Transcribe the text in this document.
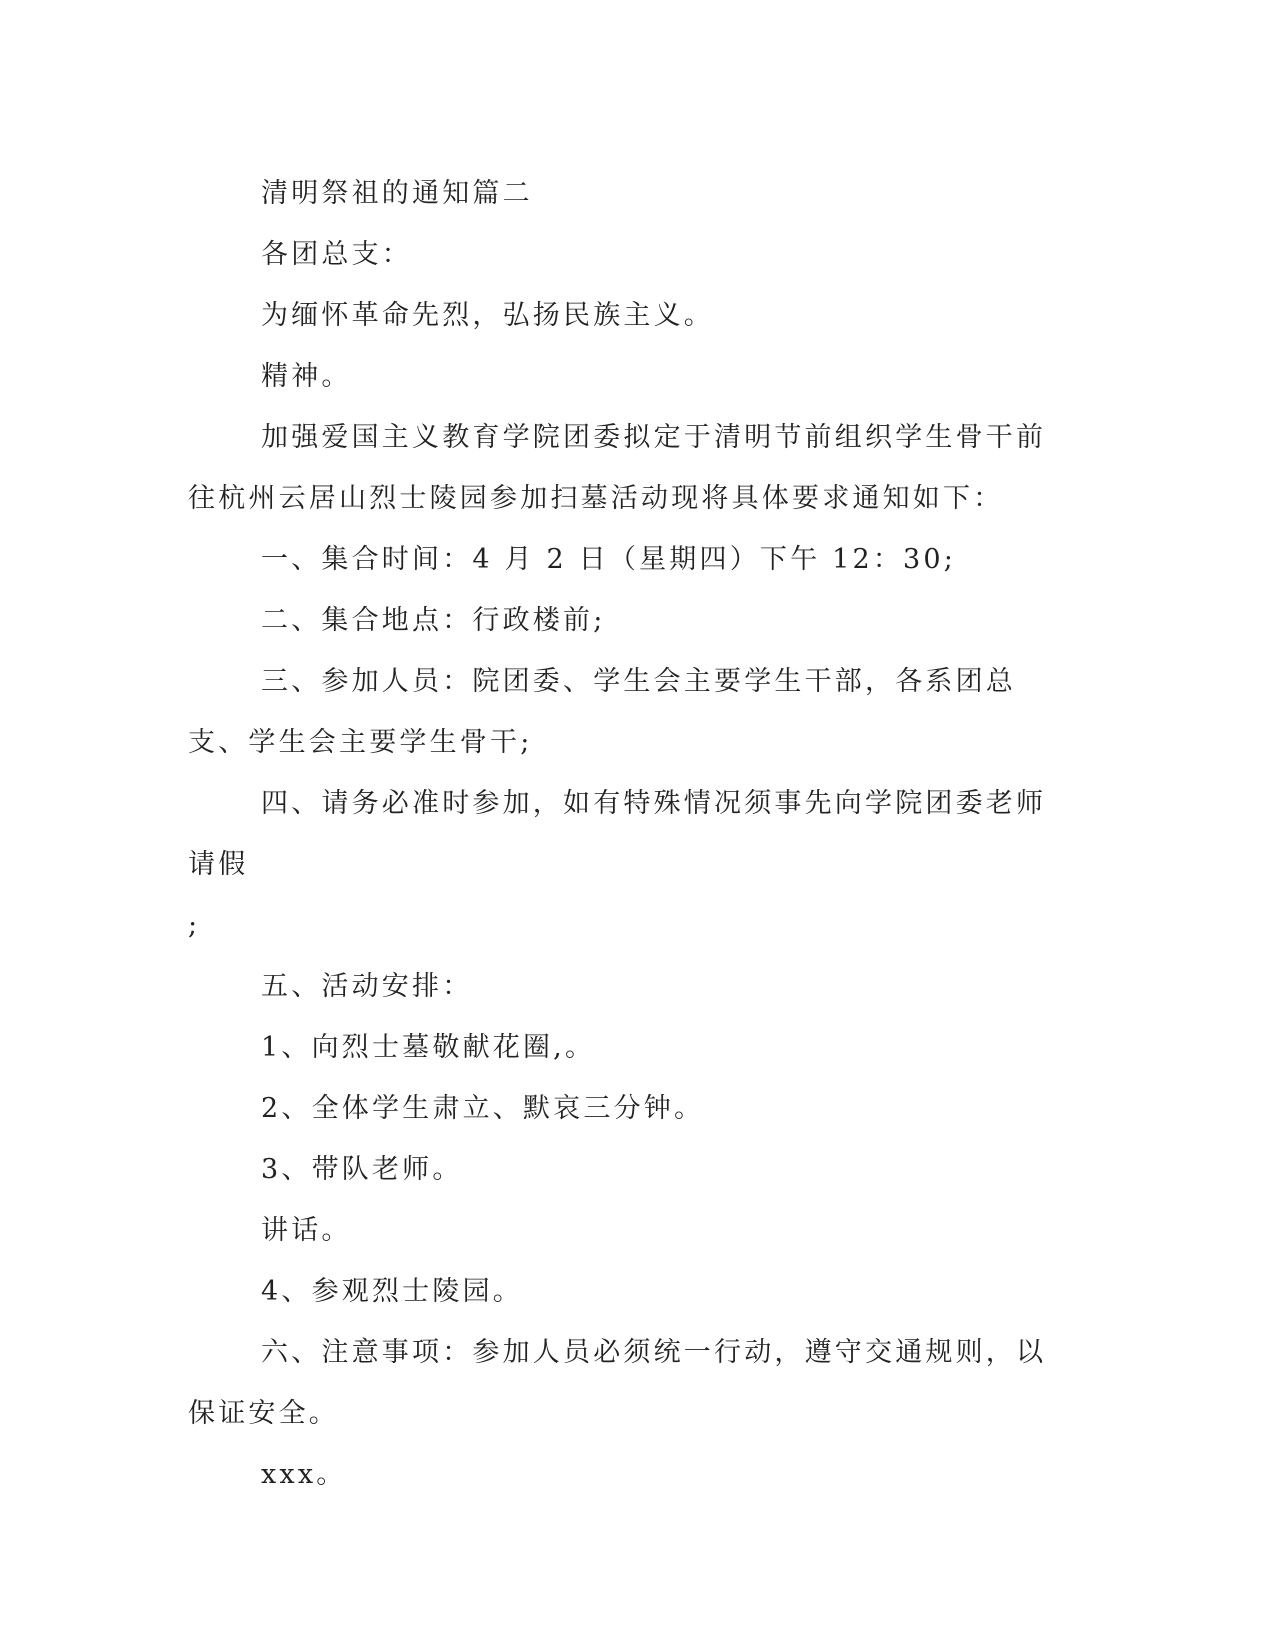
清明祭祖的通知篇二

各团总支：

为缅怀革命先烈，弘扬民族主义。

精神。

加强爱国主义教育学院团委拟定于清明节前组织学生骨干前往杭州云居山烈士陵园参加扫墓活动现将具体要求通知如下：

一、集合时间：4 月 2 日（星期四）下午 12：30;

二、集合地点：行政楼前;

三、参加人员：院团委、学生会主要学生干部，各系团总支、学生会主要学生骨干;

四、请务必准时参加，如有特殊情况须事先向学院团委老师请假

;

五、活动安排：

1、向烈士墓敬献花圈,。

2、全体学生肃立、默哀三分钟。

3、带队老师。

讲话。

4、参观烈士陵园。

六、注意事项：参加人员必须统一行动，遵守交通规则，以保证安全。

xxx。
